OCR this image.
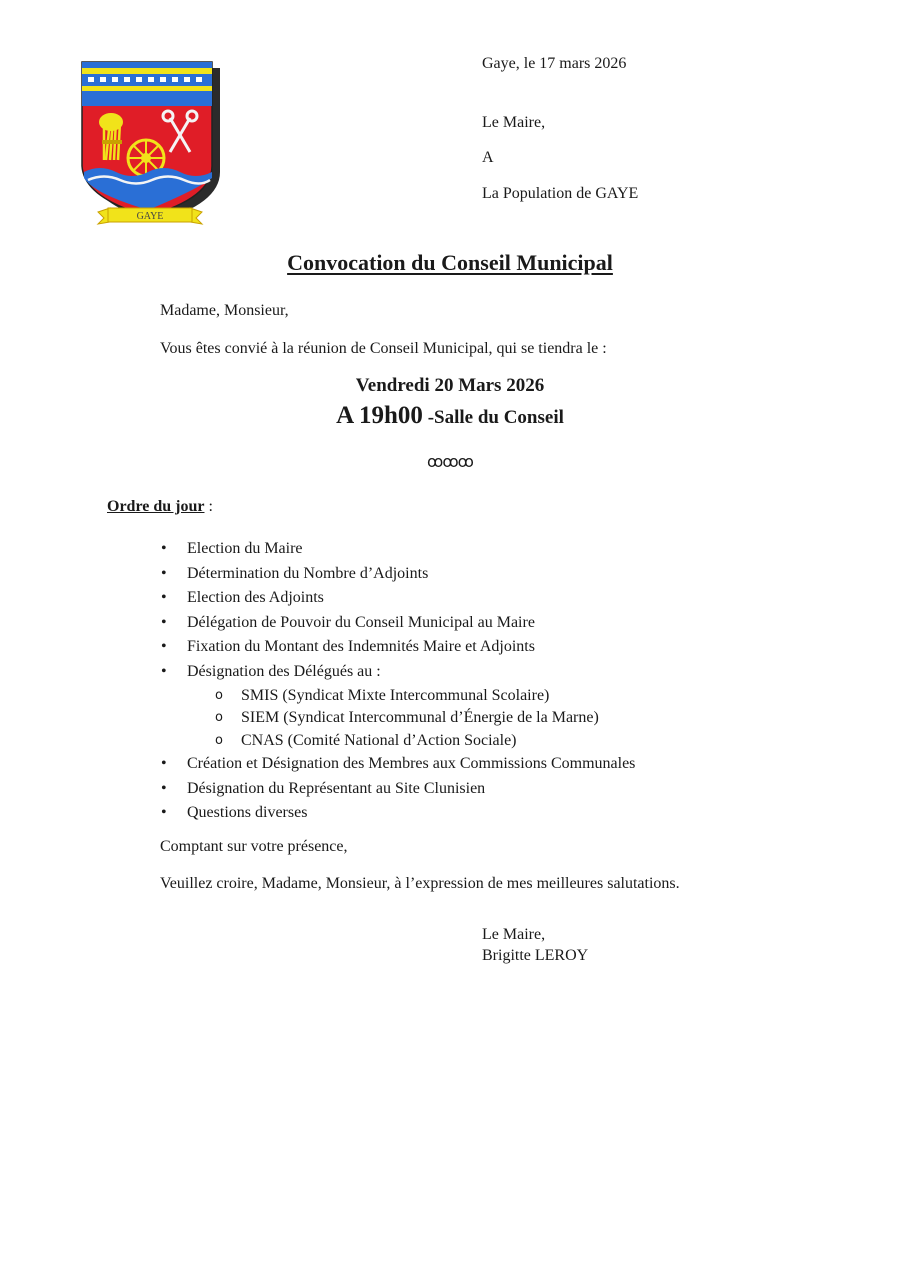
GAYE
Gaye, le 17 mars 2026
Le Maire,
A
La Population de GAYE
Convocation du Conseil Municipal
Madame, Monsieur,
Vous êtes convié à la réunion de Conseil Municipal, qui se tiendra le :
Vendredi 20 Mars 2026
A 19h00 -Salle du Conseil
ꝏꝏꝏ
Ordre du jour :
• Election du Maire
• Détermination du Nombre d’Adjoints
• Election des Adjoints
• Délégation de Pouvoir du Conseil Municipal au Maire
• Fixation du Montant des Indemnités Maire et Adjoints
• Désignation des Délégués au :
o SMIS (Syndicat Mixte Intercommunal Scolaire)
o SIEM (Syndicat Intercommunal d’Énergie de la Marne)
o CNAS (Comité National d’Action Sociale)
• Création et Désignation des Membres aux Commissions Communales
• Désignation du Représentant au Site Clunisien
• Questions diverses
Comptant sur votre présence,
Veuillez croire, Madame, Monsieur, à l’expression de mes meilleures salutations.
Le Maire,
Brigitte LEROY
